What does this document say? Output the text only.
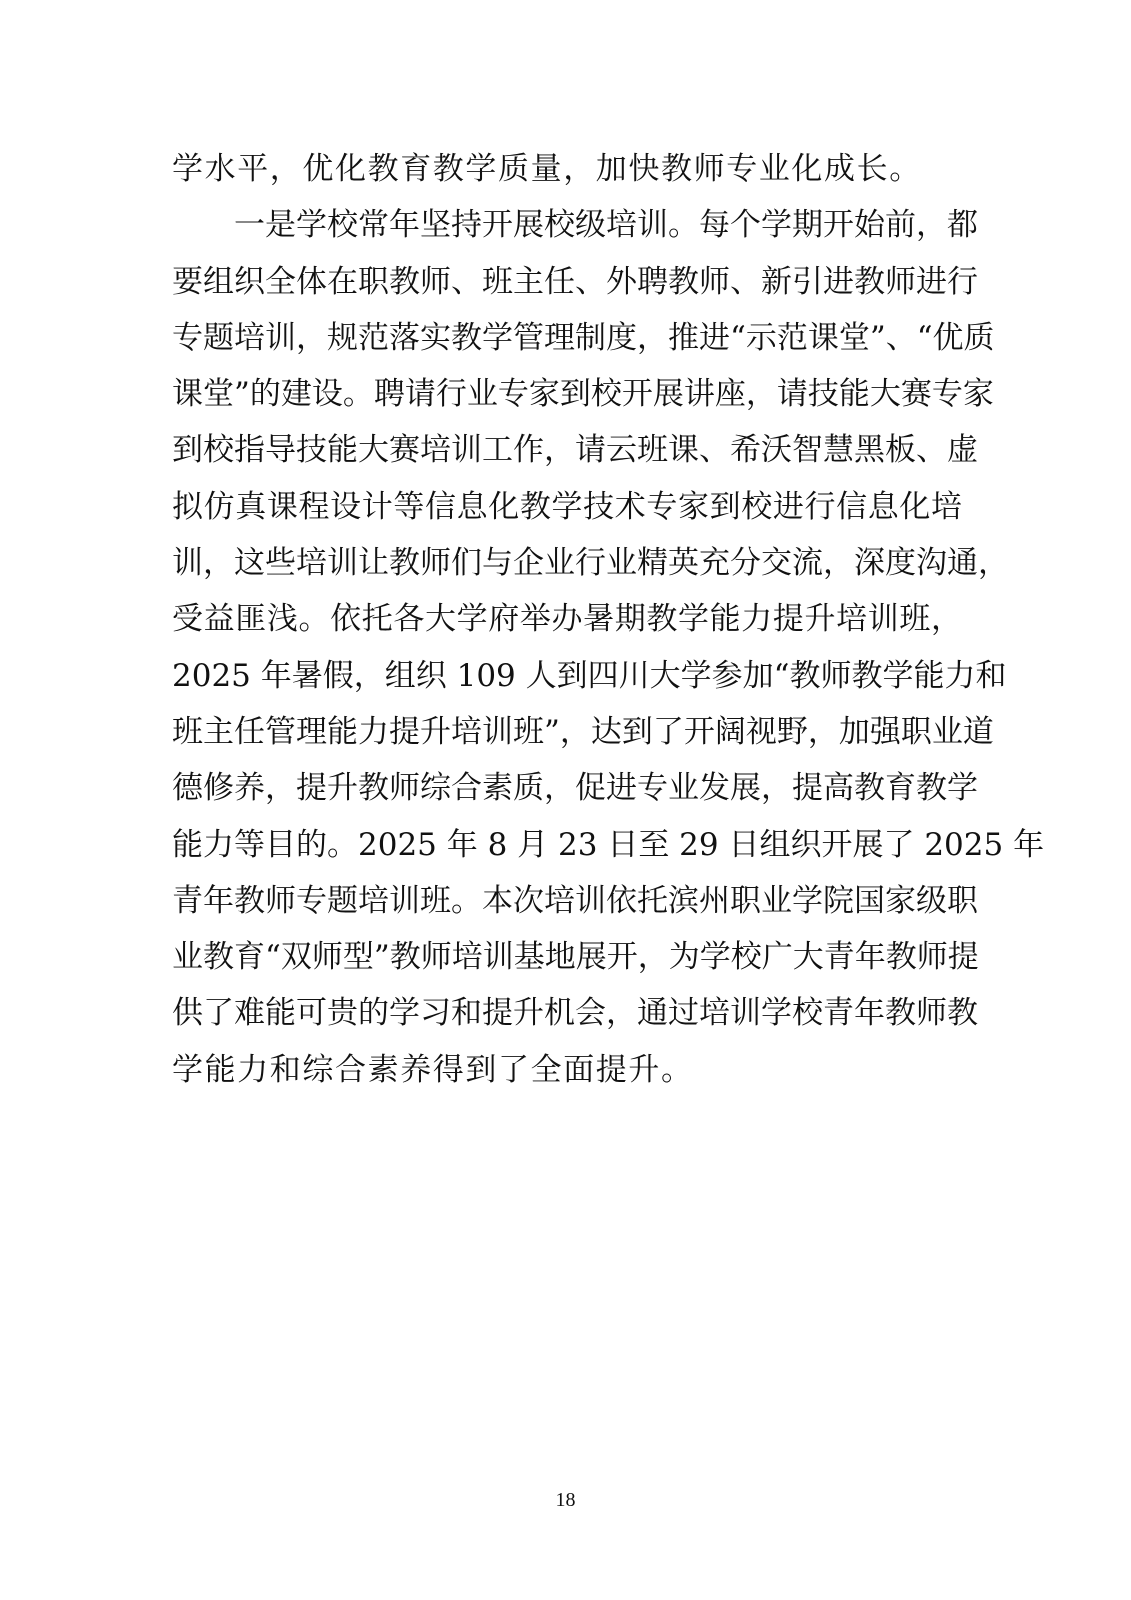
学水平，优化教育教学质量，加快教师专业化成长。
一是学校常年坚持开展校级培训。每个学期开始前，都
要组织全体在职教师、班主任、外聘教师、新引进教师进行
专题培训，规范落实教学管理制度，推进“示范课堂”、“优质
课堂”的建设。聘请行业专家到校开展讲座，请技能大赛专家
到校指导技能大赛培训工作，请云班课、希沃智慧黑板、虚
拟仿真课程设计等信息化教学技术专家到校进行信息化培
训，这些培训让教师们与企业行业精英充分交流，深度沟通，
受益匪浅。依托各大学府举办暑期教学能力提升培训班，
2025 年暑假，组织 109 人到四川大学参加“教师教学能力和
班主任管理能力提升培训班”，达到了开阔视野，加强职业道
德修养，提升教师综合素质，促进专业发展，提高教育教学
能力等目的。2025 年 8 月 23 日至 29 日组织开展了 2025 年
青年教师专题培训班。本次培训依托滨州职业学院国家级职
业教育“双师型”教师培训基地展开，为学校广大青年教师提
供了难能可贵的学习和提升机会，通过培训学校青年教师教
学能力和综合素养得到了全面提升。
18
